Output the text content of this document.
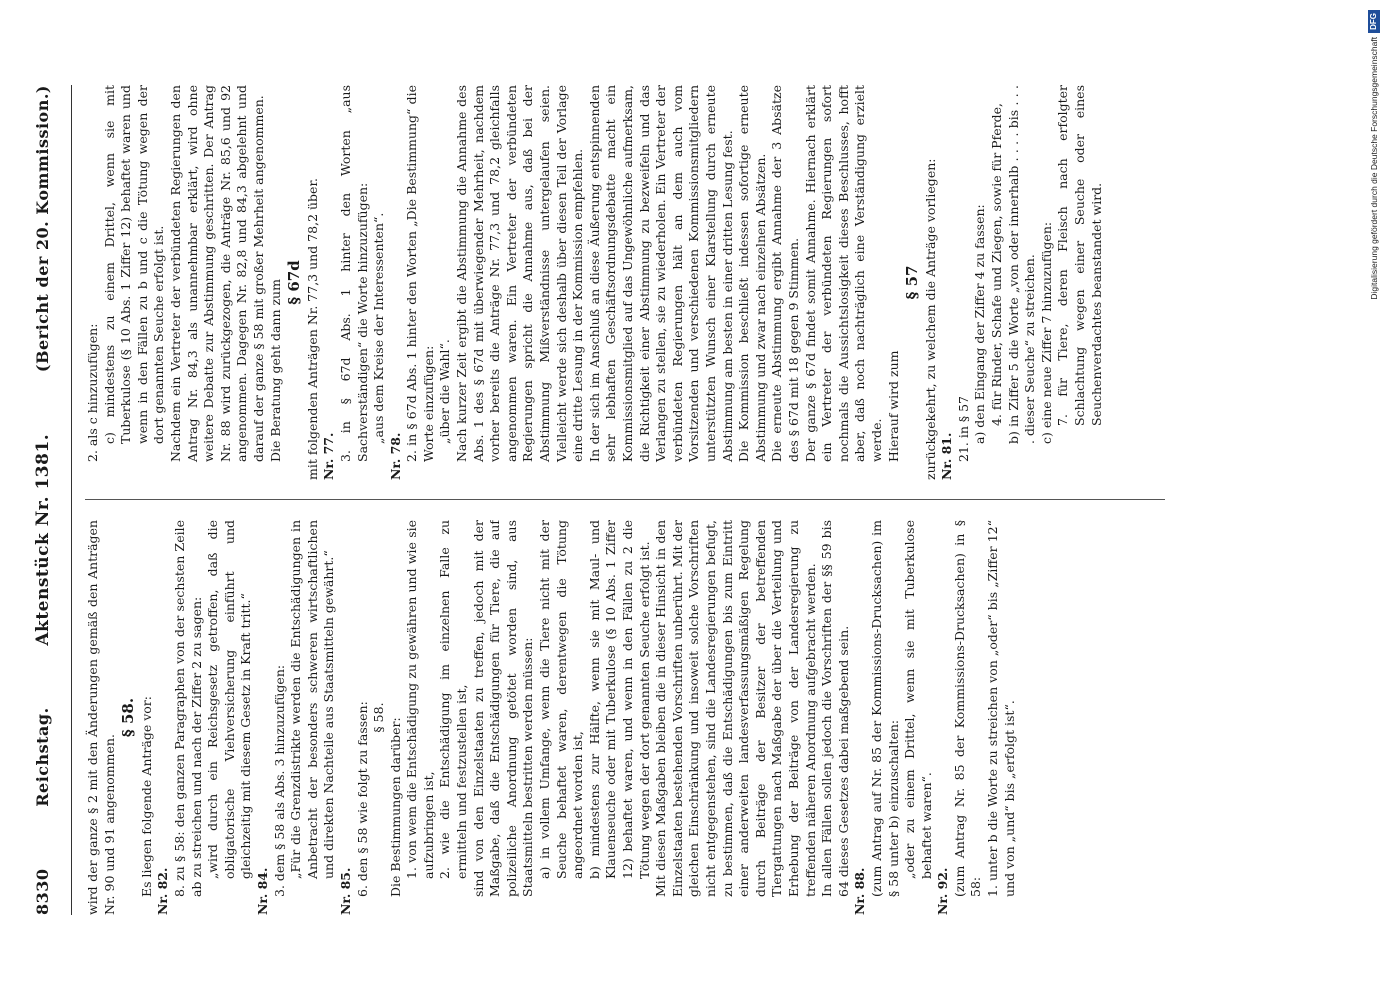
8330
Reichstag.
Aktenstück Nr. 1381.
(Bericht der 20. Kommission.)

wird der ganze § 2 mit den Änderungen gemäß den Anträgen Nr. 90 und 91 angenommen.

§ 58. Es liegen folgende Anträge vor: Nr. 82. 8. zu § 58: den ganzen Paragraphen von der sechsten Zeile ab zu streichen und nach der Ziffer 2 zu sagen: „wird durch ein Reichsgesetz getroffen, daß die obligatorische Viehversicherung einführt und gleichzeitig mit diesem Gesetz in Kraft tritt.“

Nr. 84. 3. dem § 58 als Abs. 3 hinzuzufügen: „Für die Grenzdistrikte werden die Entschädigungen in Anbetracht der besonders schweren wirtschaftlichen und direkten Nachteile aus Staatsmitteln gewährt.“

Nr. 85. 6. den § 58 wie folgt zu fassen: § 58. Die Bestimmungen darüber: 1. von wem die Entschädigung zu gewähren und wie sie aufzubringen ist, 2. wie die Entschädigung im einzelnen Falle zu ermitteln und festzustellen ist, sind von den Einzelstaaten zu treffen, jedoch mit der Maßgabe, daß die Entschädigungen für Tiere, die auf polizeiliche Anordnung getötet worden sind, aus Staatsmitteln bestritten werden müssen: a) in vollem Umfange, wenn die Tiere nicht mit der Seuche behaftet waren, derentwegen die Tötung angeordnet worden ist, b) mindestens zur Hälfte, wenn sie mit Maul- und Klauenseuche oder mit Tuberkulose (§ 10 Abs. 1 Ziffer 12) behaftet waren, und wenn in den Fällen zu 2 die Tötung wegen der dort genannten Seuche erfolgt ist. Mit diesen Maßgaben bleiben die in dieser Hinsicht in den Einzelstaaten bestehenden Vorschriften unberührt. Mit der gleichen Einschränkung und insoweit solche Vorschriften nicht entgegenstehen, sind die Landesregierungen befugt, zu bestimmen, daß die Entschädigungen bis zum Eintritt einer anderweiten landesverfassungsmäßigen Regelung durch Beiträge der Besitzer der betreffenden Tiergattungen nach Maßgabe der über die Verteilung und Erhebung der Beiträge von der Landesregierung zu treffenden näheren Anordnung aufgebracht werden. In allen Fällen sollen jedoch die Vorschriften der §§ 59 bis 64 dieses Gesetzes dabei maßgebend sein. Nr. 88. (zum Antrag auf Nr. 85 der Kommissions-Drucksachen) im § 58 unter b) einzuschalten: „oder zu einem Drittel, wenn sie mit Tuberkulose behaftet waren“.

Nr. 92. (zum Antrag Nr. 85 der Kommissions-Drucksachen) in § 58: 1. unter b die Worte zu streichen von „oder“ bis „Ziffer 12“ und von „und“ bis „erfolgt ist“.

2. als c hinzuzufügen: c) mindestens zu einem Drittel, wenn sie mit Tuberkulose (§ 10 Abs. 1 Ziffer 12) behaftet waren und wenn in den Fällen zu b und c die Tötung wegen der dort genannten Seuche erfolgt ist. Nachdem ein Vertreter der verbündeten Regierungen den Antrag Nr. 84,3 als unannehmbar erklärt, wird ohne weitere Debatte zur Abstimmung geschritten. Der Antrag Nr. 88 wird zurückgezogen, die Anträge Nr. 85,6 und 92 angenommen. Dagegen Nr. 82,8 und 84,3 abgelehnt und darauf der ganze § 58 mit großer Mehrheit angenommen. Die Beratung geht dann zum § 67d mit folgenden Anträgen Nr. 77,3 und 78,2 über. Nr. 77. 3. in § 67d Abs. 1 hinter den Worten „aus Sachverständigen“ die Worte hinzuzufügen: „aus dem Kreise der Interessenten“.

Nr. 78. 2. in § 67d Abs. 1 hinter den Worten „Die Bestimmung“ die Worte einzufügen: „über die Wahl“. Nach kurzer Zeit ergibt die Abstimmung die Annahme des Abs. 1 des § 67d mit überwiegender Mehrheit, nachdem vorher bereits die Anträge Nr. 77,3 und 78,2 gleichfalls angenommen waren. Ein Vertreter der verbündeten Regierungen spricht die Annahme aus, daß bei der Abstimmung Mißverständnisse untergelaufen seien. Vielleicht werde sich deshalb über diesen Teil der Vorlage eine dritte Lesung in der Kommission empfehlen. In der sich im Anschluß an diese Äußerung entspinnenden sehr lebhaften Geschäftsordnungsdebatte macht ein Kommissionsmitglied auf das Ungewöhnliche aufmerksam, die Richtigkeit einer Abstimmung zu bezweifeln und das Verlangen zu stellen, sie zu wiederholen. Ein Vertreter der verbündeten Regierungen hält an dem auch vom Vorsitzenden und verschiedenen Kommissionsmitgliedern unterstützten Wunsch einer Klarstellung durch erneute Abstimmung am besten in einer dritten Lesung fest. Die Kommission beschließt indessen sofortige erneute Abstimmung und zwar nach einzelnen Absätzen. Die erneute Abstimmung ergibt Annahme der 3 Absätze des § 67d mit 18 gegen 9 Stimmen. Der ganze § 67d findet somit Annahme. Hiernach erklärt ein Vertreter der verbündeten Regierungen sofort nochmals die Aussichtslosigkeit dieses Beschlusses, hofft aber, daß noch nachträglich eine Verständigung erzielt werde. Hierauf wird zum

§ 57 zurückgekehrt, zu welchem die Anträge vorliegen: Nr. 81. 21. in § 57 a) den Eingang der Ziffer 4 zu fassen: 4. für Rinder, Schafe und Ziegen, sowie für Pferde, b) in Ziffer 5 die Worte „von oder innerhalb . . . . bis . . . . dieser Seuche“ zu streichen. c) eine neue Ziffer 7 hinzuzufügen: 7. für Tiere, deren Fleisch nach erfolgter Schlachtung wegen einer Seuche oder eines Seuchenverdachtes beanstandet wird.

Digitalisierung gefördert durch die Deutsche Forschungsgemeinschaft
DFG
